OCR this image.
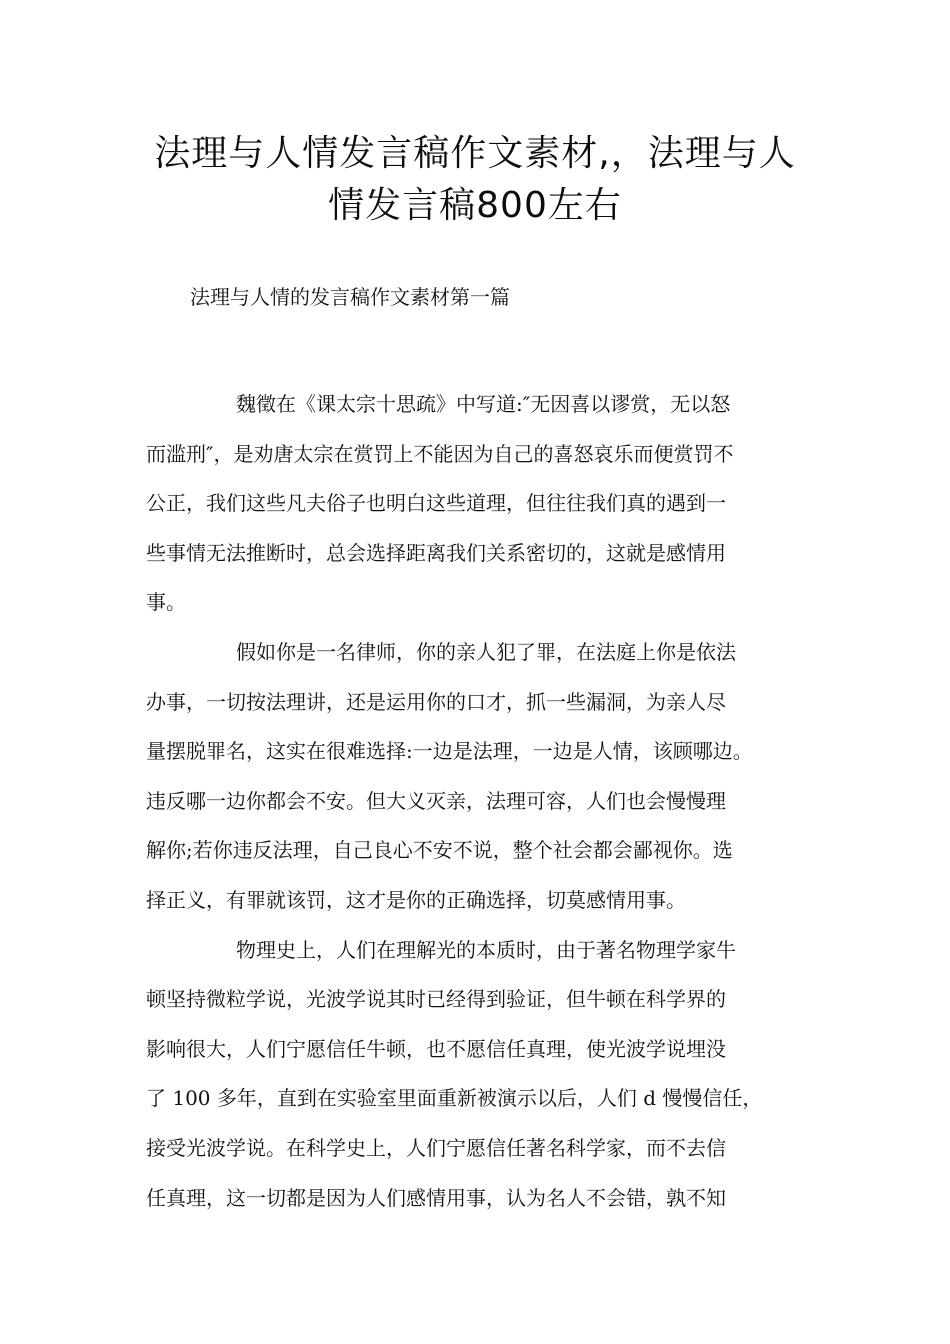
法理与人情发言稿作文素材,，法理与人
情发言稿800左右
法理与人情的发言稿作文素材第一篇
魏徵在《课太宗十思疏》中写道:″无因喜以谬赏，无以怒
而滥刑″，是劝唐太宗在赏罚上不能因为自己的喜怒哀乐而便赏罚不
公正，我们这些凡夫俗子也明白这些道理，但往往我们真的遇到一
些事情无法推断时，总会选择距离我们关系密切的，这就是感情用
事。
假如你是一名律师，你的亲人犯了罪，在法庭上你是依法
办事，一切按法理讲，还是运用你的口才，抓一些漏洞，为亲人尽
量摆脱罪名，这实在很难选择:一边是法理，一边是人情，该顾哪边。
违反哪一边你都会不安。但大义灭亲，法理可容，人们也会慢慢理
解你;若你违反法理，自己良心不安不说，整个社会都会鄙视你。选
择正义，有罪就该罚，这才是你的正确选择，切莫感情用事。
物理史上，人们在理解光的本质时，由于著名物理学家牛
顿坚持微粒学说，光波学说其时已经得到验证，但牛顿在科学界的
影响很大，人们宁愿信任牛顿，也不愿信任真理，使光波学说埋没
了 100 多年，直到在实验室里面重新被演示以后，人们 d 慢慢信任，
接受光波学说。在科学史上，人们宁愿信任著名科学家，而不去信
任真理，这一切都是因为人们感情用事，认为名人不会错，孰不知
